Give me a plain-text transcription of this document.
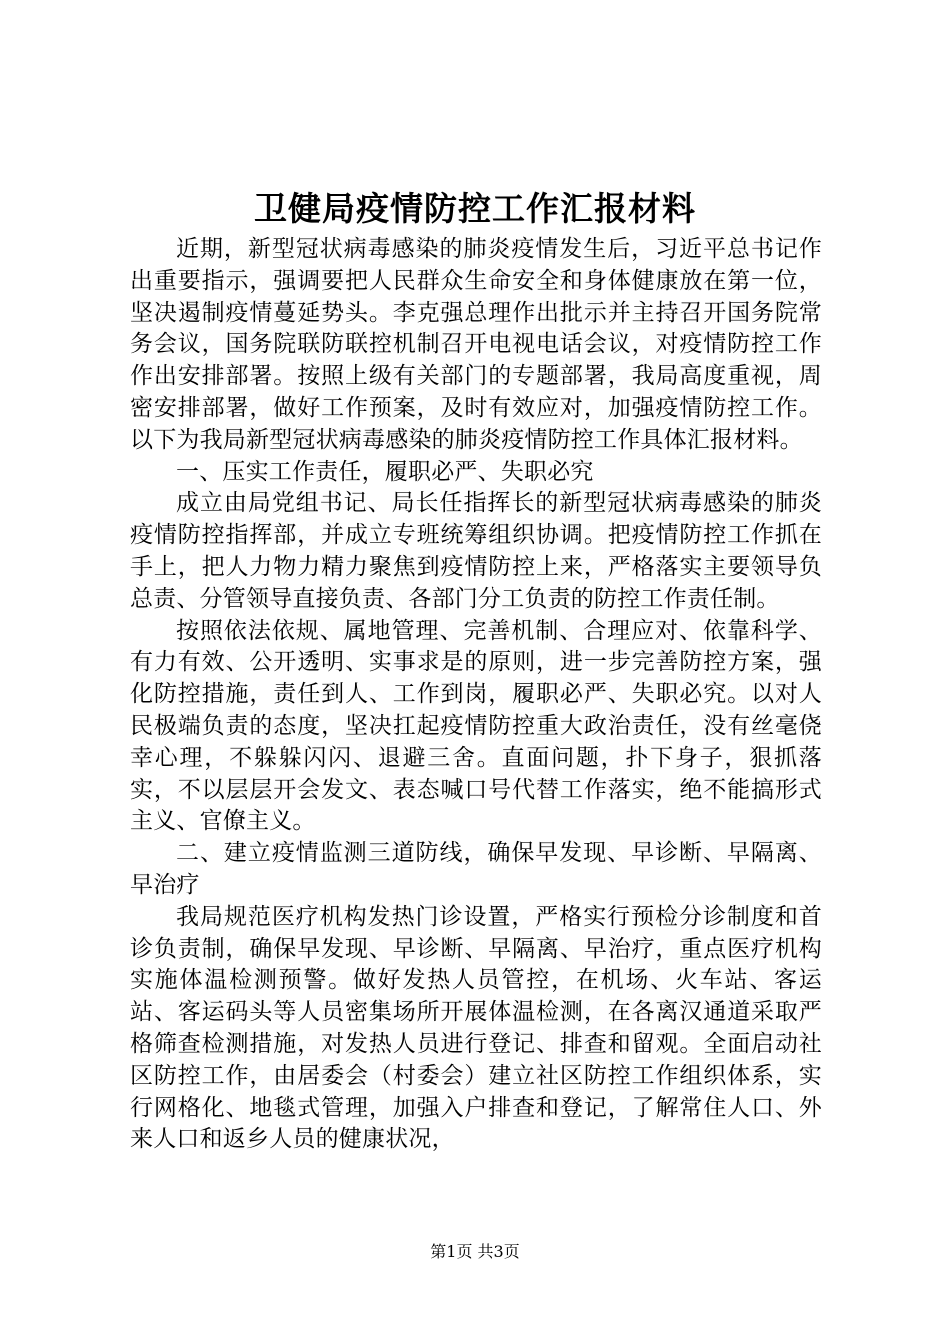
卫健局疫情防控工作汇报材料

近期，新型冠状病毒感染的肺炎疫情发生后，习近平总书记作出重要指示，强调要把人民群众生命安全和身体健康放在第一位，坚决遏制疫情蔓延势头。李克强总理作出批示并主持召开国务院常务会议，国务院联防联控机制召开电视电话会议，对疫情防控工作作出安排部署。按照上级有关部门的专题部署，我局高度重视，周密安排部署，做好工作预案，及时有效应对，加强疫情防控工作。以下为我局新型冠状病毒感染的肺炎疫情防控工作具体汇报材料。

一、压实工作责任，履职必严、失职必究

成立由局党组书记、局长任指挥长的新型冠状病毒感染的肺炎疫情防控指挥部，并成立专班统筹组织协调。把疫情防控工作抓在手上，把人力物力精力聚焦到疫情防控上来，严格落实主要领导负总责、分管领导直接负责、各部门分工负责的防控工作责任制。

按照依法依规、属地管理、完善机制、合理应对、依靠科学、有力有效、公开透明、实事求是的原则，进一步完善防控方案，强化防控措施，责任到人、工作到岗，履职必严、失职必究。以对人民极端负责的态度，坚决扛起疫情防控重大政治责任，没有丝毫侥幸心理，不躲躲闪闪、退避三舍。直面问题，扑下身子，狠抓落实，不以层层开会发文、表态喊口号代替工作落实，绝不能搞形式主义、官僚主义。

二、建立疫情监测三道防线，确保早发现、早诊断、早隔离、早治疗

我局规范医疗机构发热门诊设置，严格实行预检分诊制度和首诊负责制，确保早发现、早诊断、早隔离、早治疗，重点医疗机构实施体温检测预警。做好发热人员管控，在机场、火车站、客运站、客运码头等人员密集场所开展体温检测，在各离汉通道采取严格筛查检测措施，对发热人员进行登记、排查和留观。全面启动社区防控工作，由居委会（村委会）建立社区防控工作组织体系，实行网格化、地毯式管理，加强入户排查和登记，了解常住人口、外来人口和返乡人员的健康状况，

第1页 共3页
